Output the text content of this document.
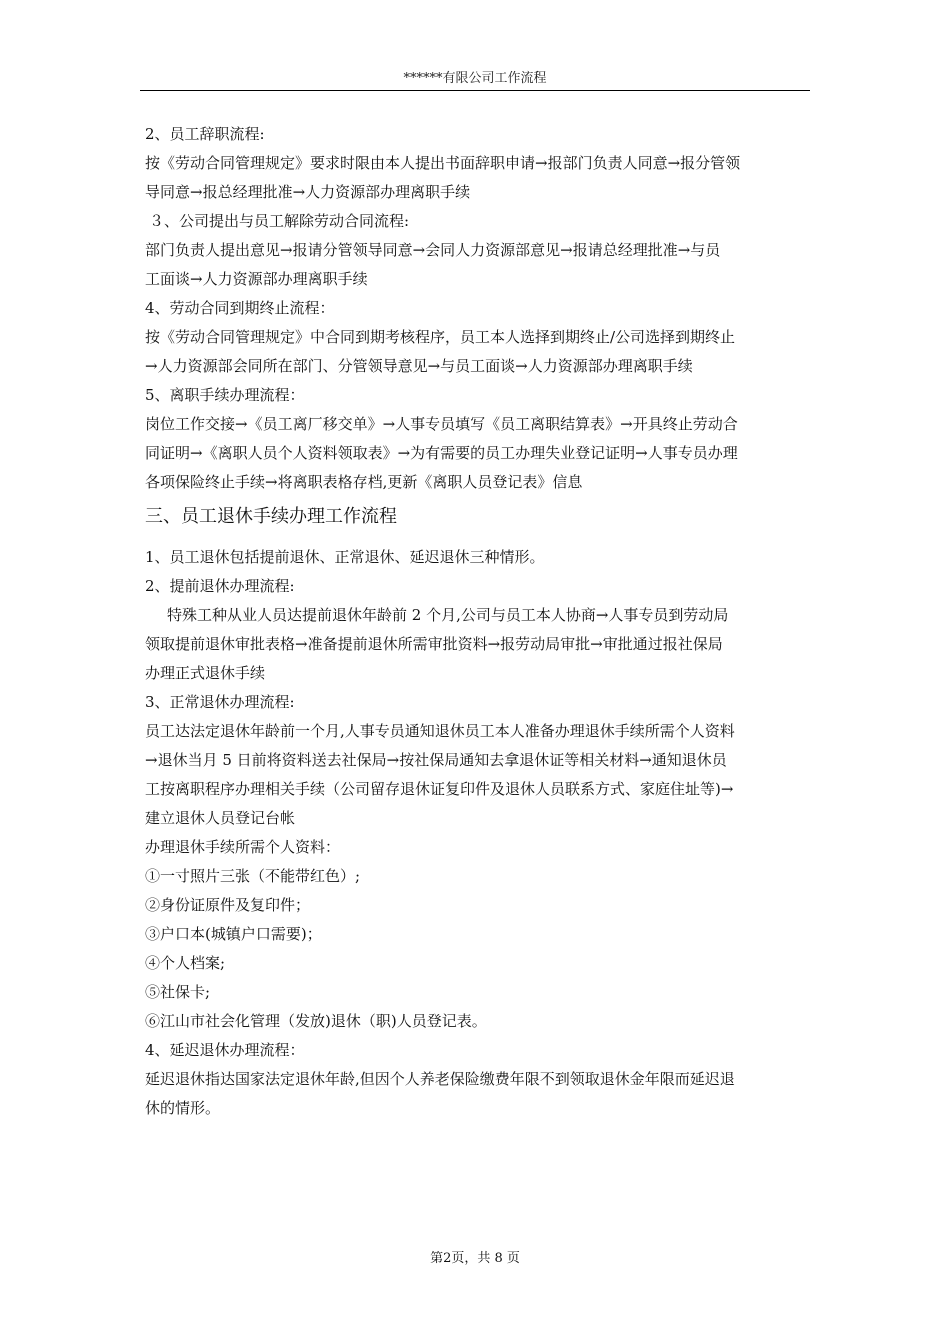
******有限公司工作流程
2、员工辞职流程:
按《劳动合同管理规定》要求时限由本人提出书面辞职申请→报部门负责人同意→报分管领
导同意→报总经理批准→人力资源部办理离职手续
３、公司提出与员工解除劳动合同流程:
部门负责人提出意见→报请分管领导同意→会同人力资源部意见→报请总经理批准→与员
工面谈→人力资源部办理离职手续
4、劳动合同到期终止流程：
按《劳动合同管理规定》中合同到期考核程序，员工本人选择到期终止/公司选择到期终止
→人力资源部会同所在部门、分管领导意见→与员工面谈→人力资源部办理离职手续
5、离职手续办理流程：
岗位工作交接→《员工离厂移交单》→人事专员填写《员工离职结算表》→开具终止劳动合
同证明→《离职人员个人资料领取表》→为有需要的员工办理失业登记证明→人事专员办理
各项保险终止手续→将离职表格存档,更新《离职人员登记表》信息
三、员工退休手续办理工作流程
1、员工退休包括提前退休、正常退休、延迟退休三种情形。
2、提前退休办理流程:
特殊工种从业人员达提前退休年龄前 2 个月,公司与员工本人协商→人事专员到劳动局
领取提前退休审批表格→准备提前退休所需审批资料→报劳动局审批→审批通过报社保局
办理正式退休手续
3、正常退休办理流程:
员工达法定退休年龄前一个月,人事专员通知退休员工本人准备办理退休手续所需个人资料
→退休当月 5 日前将资料送去社保局→按社保局通知去拿退休证等相关材料→通知退休员
工按离职程序办理相关手续（公司留存退休证复印件及退休人员联系方式、家庭住址等)→
建立退休人员登记台帐
办理退休手续所需个人资料：
①一寸照片三张（不能带红色）;
②身份证原件及复印件；
③户口本(城镇户口需要)；
④个人档案;
⑤社保卡;
⑥江山市社会化管理（发放)退休（职)人员登记表。
4、延迟退休办理流程：
延迟退休指达国家法定退休年龄,但因个人养老保险缴费年限不到领取退休金年限而延迟退
休的情形。
第2页，共 8 页
